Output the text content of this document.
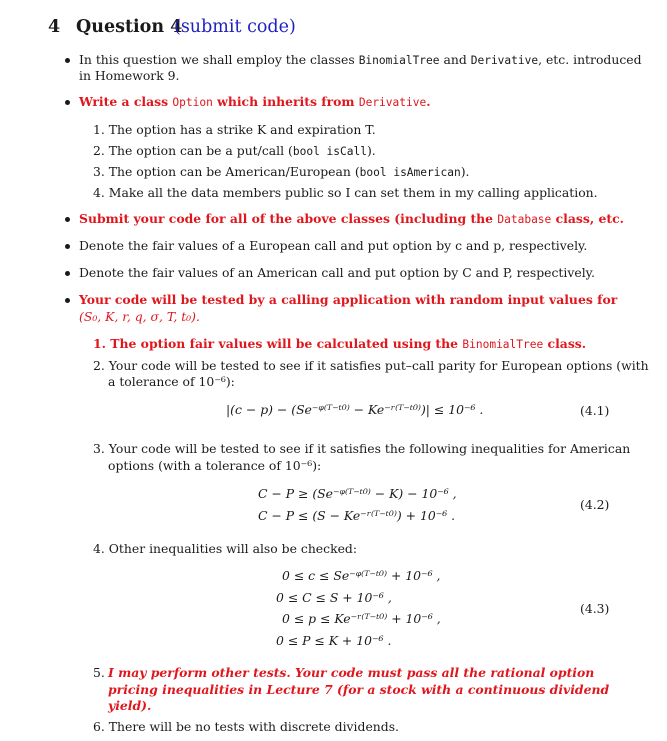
4 Question 4
(submit code)
In this question we shall employ the classes BinomialTree and Derivative, etc. introduced
in Homework 9.
Write a class Option which inherits from Derivative.
1. The option has a strike K and expiration T.
2. The option can be a put/call (bool isCall).
3. The option can be American/European (bool isAmerican).
4. Make all the data members public so I can set them in my calling application.
Submit your code for all of the above classes (including the Database class, etc.
Denote the fair values of a European call and put option by c and p, respectively.
Denote the fair values of an American call and put option by C and P, respectively.
Your code will be tested by a calling application with random input values for
(S₀, K, r, q, σ, T, t₀).
1. The option fair values will be calculated using the BinomialTree class.
2. Your code will be tested to see if it satisfies put–call parity for European options (with
a tolerance of 10⁻⁶):
|(c − p) − (Se⁻ᵠ⁽ᵀ⁻ᵗ⁰⁾ − Ke⁻ʳ⁽ᵀ⁻ᵗ⁰⁾)| ≤ 10⁻⁶ .	(4.1)
3. Your code will be tested to see if it satisfies the following inequalities for American
options (with a tolerance of 10⁻⁶):
C − P ≥ (Se⁻ᵠ⁽ᵀ⁻ᵗ⁰⁾ − K) − 10⁻⁶ ,
C − P ≤ (S − Ke⁻ʳ⁽ᵀ⁻ᵗ⁰⁾) + 10⁻⁶ .
(4.2)
4. Other inequalities will also be checked:
0 ≤ c ≤ Se⁻ᵠ⁽ᵀ⁻ᵗ⁰⁾ + 10⁻⁶ ,
0 ≤ C ≤ S + 10⁻⁶ ,
0 ≤ p ≤ Ke⁻ʳ⁽ᵀ⁻ᵗ⁰⁾ + 10⁻⁶ ,
0 ≤ P ≤ K + 10⁻⁶ .
(4.3)
5. I may perform other tests. Your code must pass all the rational option
pricing inequalities in Lecture 7 (for a stock with a continuous dividend
yield).
6. There will be no tests with discrete dividends.
